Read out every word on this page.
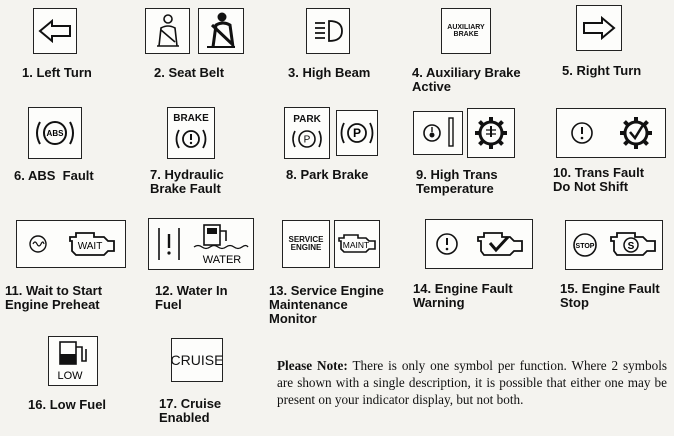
1. Left Turn	2. Seat Belt	3. High Beam
AUXILIARY
BRAKE
4. Auxiliary Brake
Active
5. Right Turn
ABS
6. ABS  Fault
BRAKE
7. Hydraulic
Brake Fault
PARK
P
P
8. Park Brake	9. High Trans
Temperature
10. Trans Fault
Do Not Shift
WAIT
11. Wait to Start
Engine Preheat
WATER
12. Water In
Fuel
SERVICE
ENGINE	MAINT
13. Service Engine
Maintenance
Monitor
14. Engine Fault
Warning
STOP	S
15. Engine Fault
Stop
LOW
16. Low Fuel
CRUISE
17. Cruise
Enabled
Please Note: There is only one symbol per function. Where 2 symbols are shown with a single description, it is possible that either one may be present on your indicator display, but not both.
